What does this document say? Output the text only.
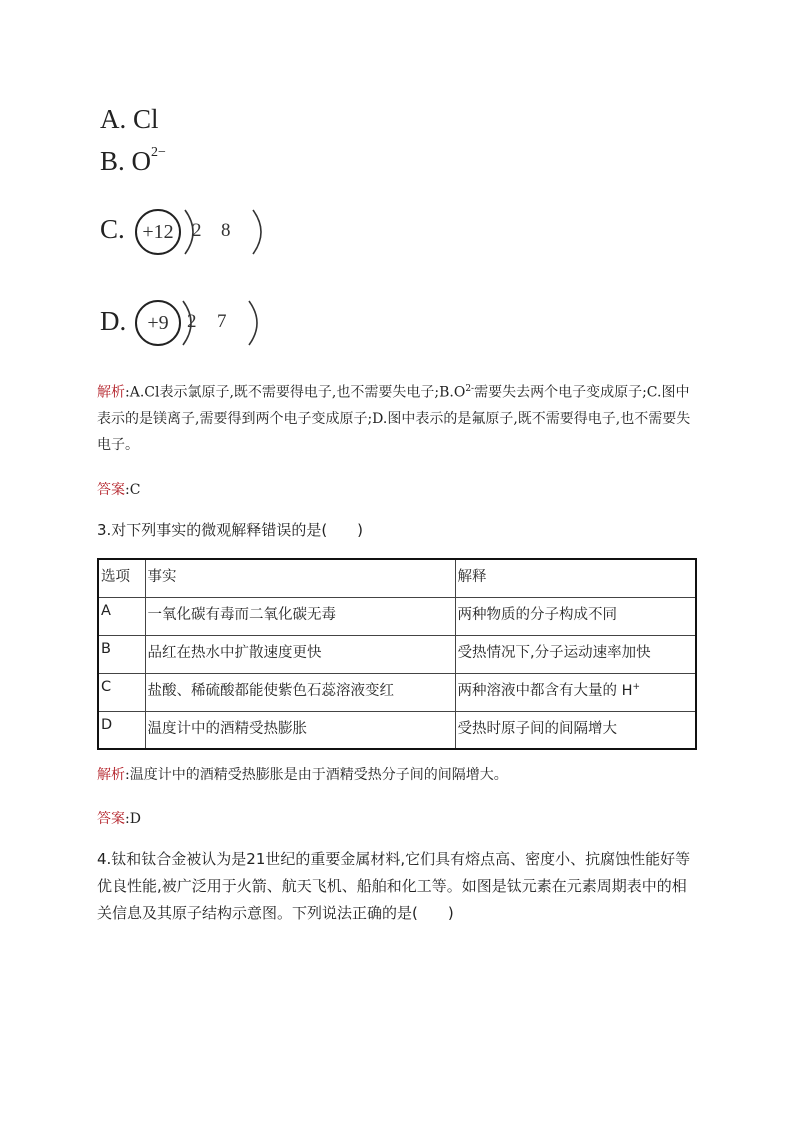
A. Cl
B. $O^{2-}$
C. +12 2 8
D.	+9 2 7
解析:A.Cl表示氯原子,既不需要得电子,也不需要失电子$;B.O^{2-}$需要失去两个电子变成原子;C.图中表示的是镁离子,需要得到两个电子变成原子;D.图中表示的是氟原子,既不需要得电子,也不需要失电子。
答案:C
3.对下列事实的微观解释错误的是(　　)
选项	事实	解释
A	一氧化碳有毒而二氧化碳无毒	两种物质的分子构成不同
B	品红在热水中扩散速度更快	受热情况下,分子运动速率加快
C	盐酸、稀硫酸都能使紫色石蕊溶液变红	两种溶液中都含有大量的 H+
D	温度计中的酒精受热膨胀	受热时原子间的间隔增大
解析:温度计中的酒精受热膨胀是由于酒精受热分子间的间隔增大。
答案:D
4.钛和钛合金被认为是21世纪的重要金属材料,它们具有熔点高、密度小、抗腐蚀性能好等优良性能,被广泛用于火箭、航天飞机、船舶和化工等。如图是钛元素在元素周期表中的相关信息及其原子结构示意图。下列说法正确的是(　　)
